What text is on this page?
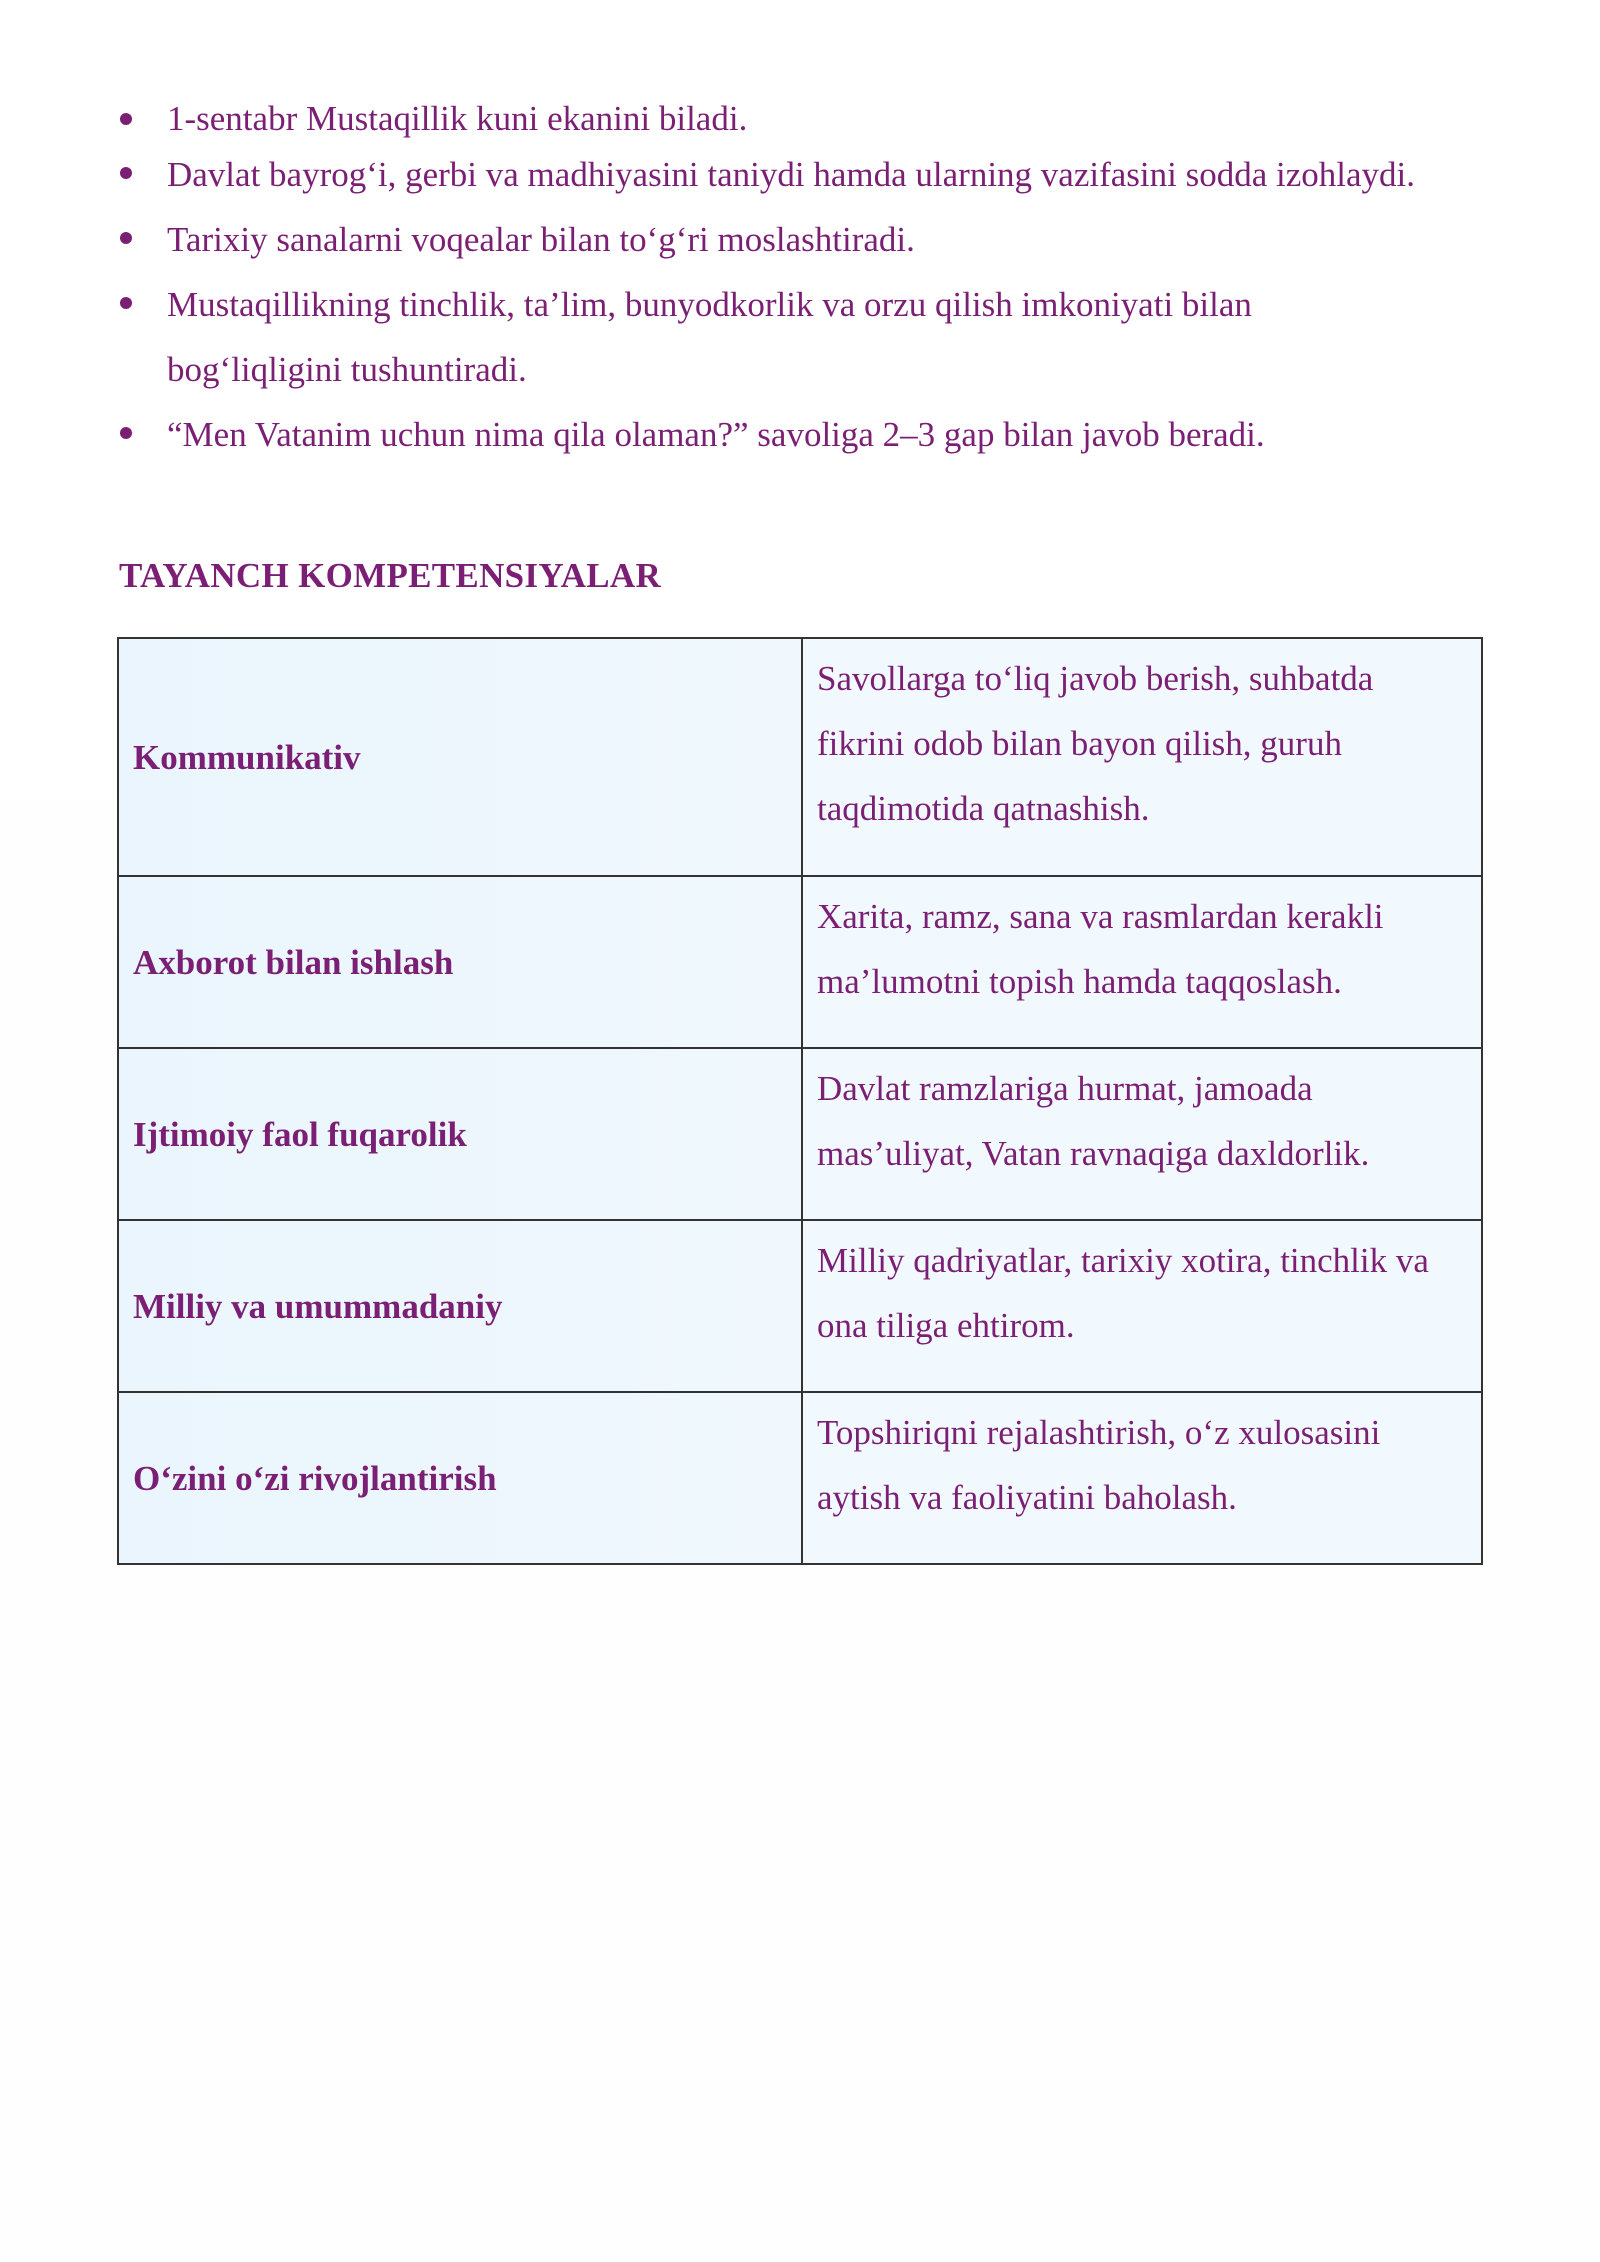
1-sentabr Mustaqillik kuni ekanini biladi.
Davlat bayrog‘i, gerbi va madhiyasini taniydi hamda ularning vazifasini sodda izohlaydi.
Tarixiy sanalarni voqealar bilan to‘g‘ri moslashtiradi.
Mustaqillikning tinchlik, ta’lim, bunyodkorlik va orzu qilish imkoniyati bilan bog‘liqligini tushuntiradi.
“Men Vatanim uchun nima qila olaman?” savoliga 2–3 gap bilan javob beradi.
TAYANCH KOMPETENSIYALAR
Kommunikativ	Savollarga to‘liq javob berish, suhbatda fikrini odob bilan bayon qilish, guruh taqdimotida qatnashish.
Axborot bilan ishlash	Xarita, ramz, sana va rasmlardan kerakli ma’lumotni topish hamda taqqoslash.
Ijtimoiy faol fuqarolik	Davlat ramzlariga hurmat, jamoada mas’uliyat, Vatan ravnaqiga daxldorlik.
Milliy va umummadaniy	Milliy qadriyatlar, tarixiy xotira, tinchlik va ona tiliga ehtirom.
O‘zini o‘zi rivojlantirish	Topshiriqni rejalashtirish, o‘z xulosasini aytish va faoliyatini baholash.
